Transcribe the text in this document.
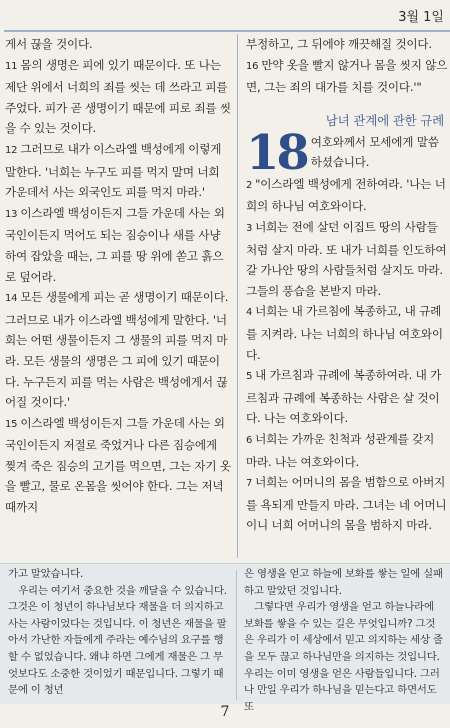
3월 1일

게서 끊을 것이다.

11 몸의 생명은 피에 있기 때문이다. 또 나는 제단 위에서 너희의 죄를 씻는 데 쓰라고 피를 주었다. 피가 곧 생명이기 때문에 피로 죄를 씻을 수 있는 것이다.

12 그러므로 내가 이스라엘 백성에게 이렇게 말한다. '너희는 누구도 피를 먹지 말며 너희 가운데서 사는 외국인도 피를 먹지 마라.'

13 이스라엘 백성이든지 그들 가운데 사는 외국인이든지 먹어도 되는 짐승이나 새를 사냥하여 잡았을 때는, 그 피를 땅 위에 쏟고 흙으로 덮어라.

14 모든 생물에게 피는 곧 생명이기 때문이다. 그러므로 내가 이스라엘 백성에게 말한다. '너희는 어떤 생물이든지 그 생물의 피를 먹지 마라. 모든 생물의 생명은 그 피에 있기 때문이다. 누구든지 피를 먹는 사람은 백성에게서 끊어질 것이다.'

15 이스라엘 백성이든지 그들 가운데 사는 외국인이든지 저절로 죽었거나 다른 짐승에게 찢겨 죽은 짐승의 고기를 먹으면, 그는 자기 옷을 빨고, 물로 온몸을 씻어야 한다. 그는 저녁 때까지

부정하고, 그 뒤에야 깨끗해질 것이다.

16 만약 옷을 빨지 않거나 몸을 씻지 않으면, 그는 죄의 대가를 치를 것이다.'"

남녀 관계에 관한 규례
18 여호와께서 모세에게 말씀하셨습니다.

2 "이스라엘 백성에게 전하여라. '나는 너희의 하나님 여호와이다.

3 너희는 전에 살던 이집트 땅의 사람들처럼 살지 마라. 또 내가 너희를 인도하여 갈 가나안 땅의 사람들처럼 살지도 마라. 그들의 풍습을 본받지 마라.

4 너희는 내 가르침에 복종하고, 내 규례를 지켜라. 나는 너희의 하나님 여호와이다.

5 내 가르침과 규례에 복종하여라. 내 가르침과 규례에 복종하는 사람은 살 것이다. 나는 여호와이다.

6 너희는 가까운 친척과 성관계를 갖지 마라. 나는 여호와이다.

7 너희는 어머니의 몸을 범함으로 아버지를 욕되게 만들지 마라. 그녀는 네 어머니이니 너희 어머니의 몸을 범하지 마라.

가고 말았습니다.
　우리는 여기서 중요한 것을 깨달을 수 있습니다. 그것은 이 청년이 하나님보다 재물을 더 의지하고 사는 사람이었다는 것입니다. 이 청년은 재물을 팔아서 가난한 자들에게 주라는 예수님의 요구를 행할 수 없었습니다. 왜냐 하면 그에게 재물은 그 무엇보다도 소중한 것이었기 때문입니다. 그렇기 때문에 이 청년
은 영생을 얻고 하늘에 보화를 쌓는 일에 실패하고 말았던 것입니다.
　그렇다면 우리가 영생을 얻고 하늘나라에 보화를 쌓을 수 있는 길은 무엇입니까? 그것은 우리가 이 세상에서 믿고 의지하는 세상 줄을 모두 끊고 하나님만을 의지하는 것입니다. 우리는 이미 영생을 얻은 사람들입니다. 그러나 만일 우리가 하나님을 믿는다고 하면서도 또
7
